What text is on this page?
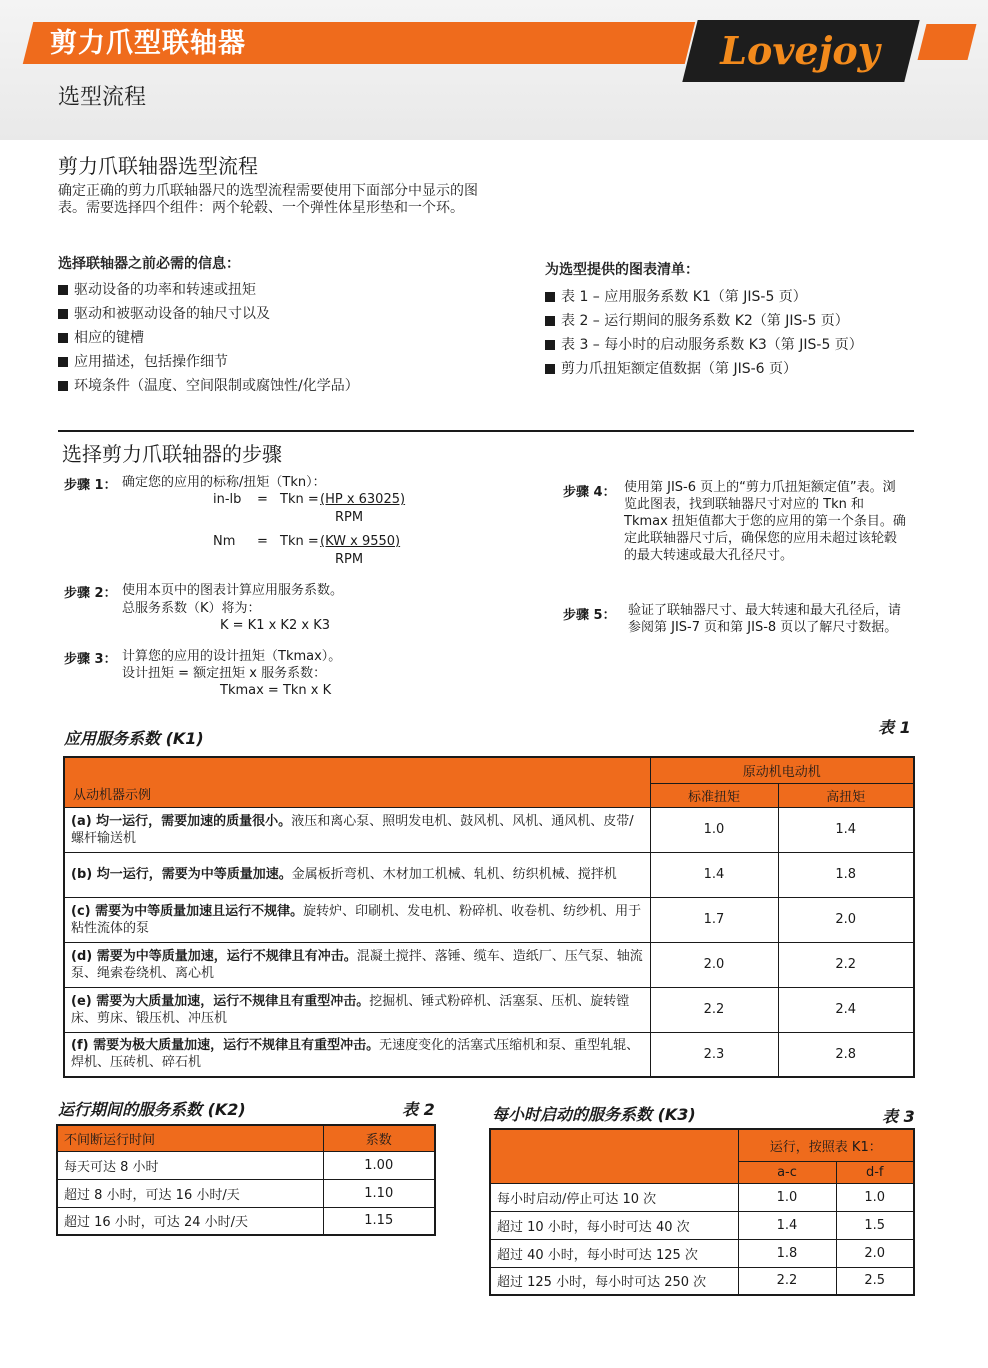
剪力爪型联轴器	Lovejoy
选型流程
剪力爪联轴器选型流程
确定正确的剪力爪联轴器尺的选型流程需要使用下面部分中显示的图表。需要选择四个组件：两个轮毂、一个弹性体星形垫和一个环。
选择联轴器之前必需的信息：
驱动设备的功率和转速或扭矩
驱动和被驱动设备的轴尺寸以及
相应的键槽
应用描述，包括操作细节
环境条件（温度、空间限制或腐蚀性/化学品）
为选型提供的图表清单：
表 1 – 应用服务系数 K1（第 JIS-5 页）
表 2 – 运行期间的服务系数 K2（第 JIS-5 页）
表 3 – 每小时的启动服务系数 K3（第 JIS-5 页）
剪力爪扭矩额定值数据（第 JIS-6 页）
选择剪力爪联轴器的步骤
步骤 1： 确定您的应用的标称/扭矩（Tkn）：
in-lb = Tkn = (HP x 63025)
RPM
Nm = Tkn = (KW x 9550)
RPM
步骤 2： 使用本页中的图表计算应用服务系数。
总服务系数（K）将为：
K = K1 x K2 x K3
步骤 3： 计算您的应用的设计扭矩（Tkmax）。
设计扭矩 = 额定扭矩 x 服务系数：
Tkmax = Tkn x K
步骤 4： 使用第 JIS-6 页上的“剪力爪扭矩额定值”表。浏览此图表，找到联轴器尺寸对应的 Tkn 和 Tkmax 扭矩值都大于您的应用的第一个条目。确定此联轴器尺寸后，确保您的应用未超过该轮毂的最大转速或最大孔径尺寸。
步骤 5： 验证了联轴器尺寸、最大转速和最大孔径后，请参阅第 JIS-7 页和第 JIS-8 页以了解尺寸数据。
应用服务系数 (K1)
表 1
从动机器示例	原动机电动机	
	标准扭矩	高扭矩
(a) 均一运行，需要加速的质量很小。液压和离心泵、照明发电机、鼓风机、风机、通风机、皮带/螺杆输送机	1.0	1.4
(b) 均一运行，需要为中等质量加速。金属板折弯机、木材加工机械、轧机、纺织机械、搅拌机	1.4	1.8
(c) 需要为中等质量加速且运行不规律。旋转炉、印刷机、发电机、粉碎机、收卷机、纺纱机、用于粘性流体的泵	1.7	2.0
(d) 需要为中等质量加速，运行不规律且有冲击。混凝土搅拌、落锤、缆车、造纸厂、压气泵、轴流泵、绳索卷绕机、离心机	2.0	2.2
(e) 需要为大质量加速，运行不规律且有重型冲击。挖掘机、锤式粉碎机、活塞泵、压机、旋转镗床、剪床、锻压机、冲压机	2.2	2.4
(f) 需要为极大质量加速，运行不规律且有重型冲击。无速度变化的活塞式压缩机和泵、重型轧辊、焊机、压砖机、碎石机	2.3	2.8
运行期间的服务系数 (K2)	表 2
不间断运行时间	系数
每天可达 8 小时	1.00
超过 8 小时，可达 16 小时/天	1.10
超过 16 小时，可达 24 小时/天	1.15
每小时启动的服务系数 (K3)	表 3
	运行，按照表 K1：	
	a-c	d-f
每小时启动/停止可达 10 次	1.0	1.0
超过 10 小时，每小时可达 40 次	1.4	1.5
超过 40 小时，每小时可达 125 次	1.8	2.0
超过 125 小时，每小时可达 250 次	2.2	2.5
